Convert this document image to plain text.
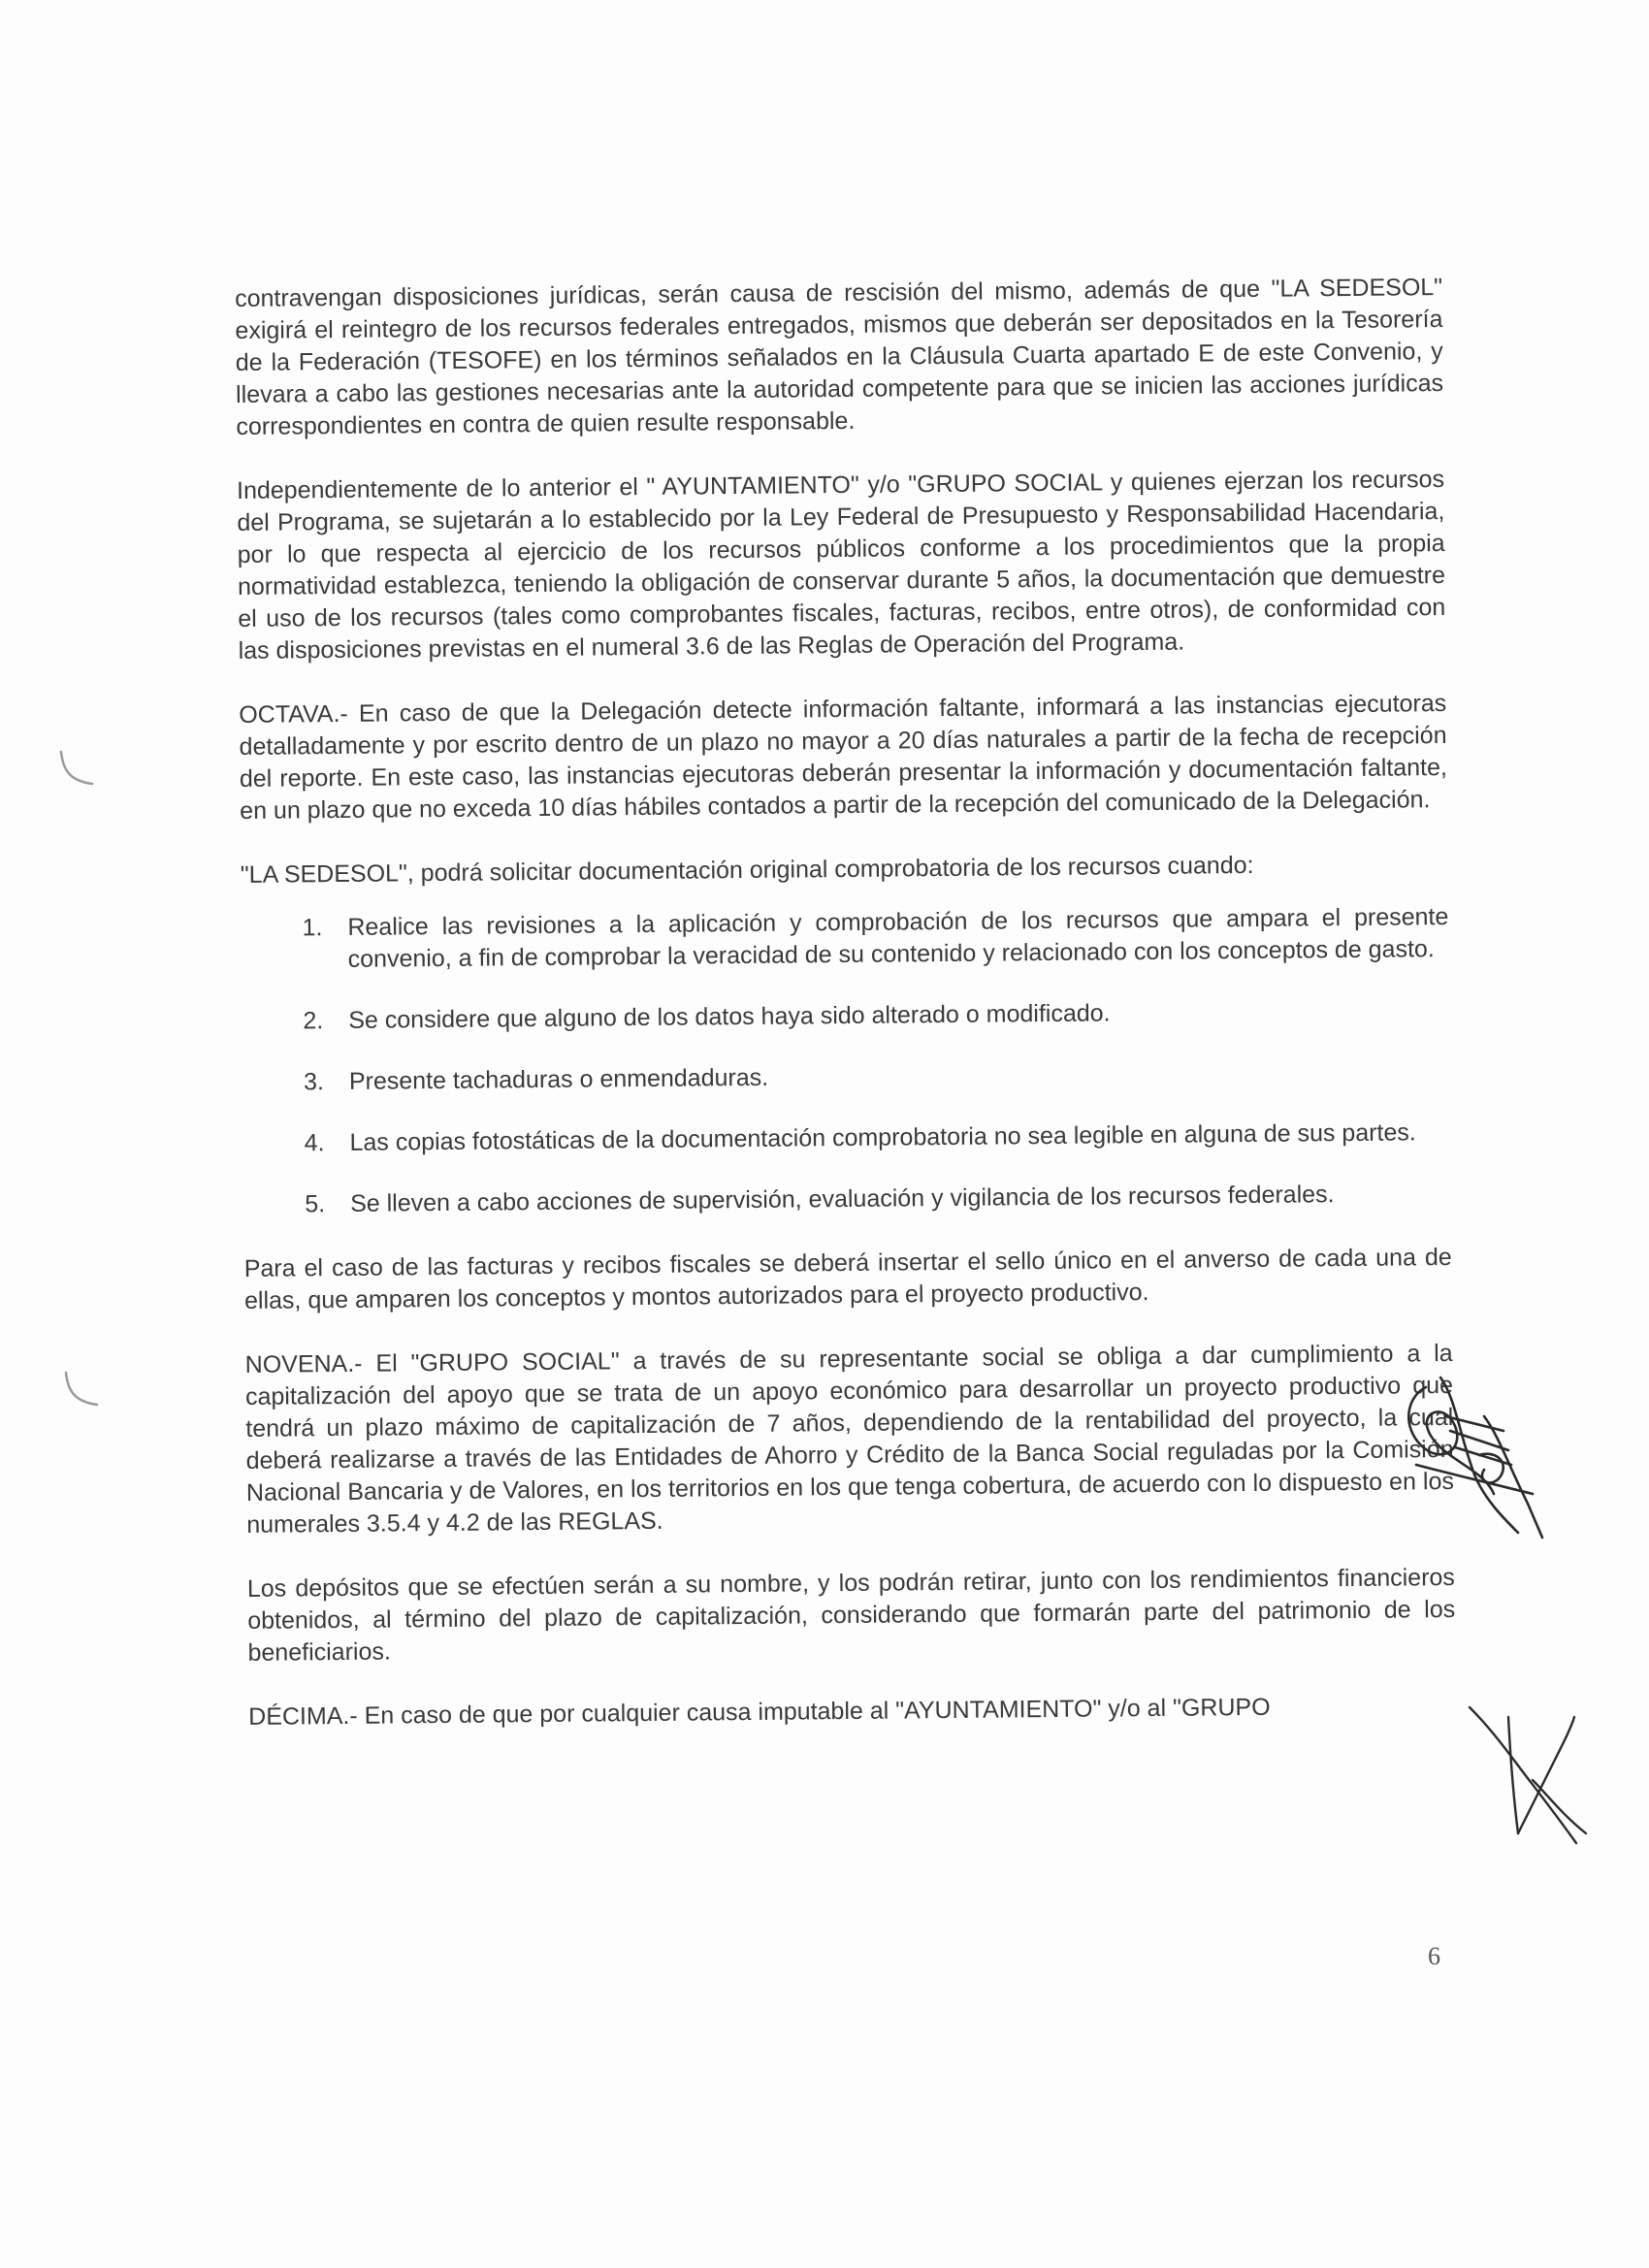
contravengan disposiciones jurídicas, serán causa de rescisión del mismo, además de que "LA SEDESOL" exigirá el reintegro de los recursos federales entregados, mismos que deberán ser depositados en la Tesorería de la Federación (TESOFE) en los términos señalados en la Cláusula Cuarta apartado E de este Convenio, y llevara a cabo las gestiones necesarias ante la autoridad competente para que se inicien las acciones jurídicas correspondientes en contra de quien resulte responsable.

Independientemente de lo anterior el " AYUNTAMIENTO" y/o "GRUPO SOCIAL y quienes ejerzan los recursos del Programa, se sujetarán a lo establecido por la Ley Federal de Presupuesto y Responsabilidad Hacendaria, por lo que respecta al ejercicio de los recursos públicos conforme a los procedimientos que la propia normatividad establezca, teniendo la obligación de conservar durante 5 años, la documentación que demuestre el uso de los recursos (tales como comprobantes fiscales, facturas, recibos, entre otros), de conformidad con las disposiciones previstas en el numeral 3.6 de las Reglas de Operación del Programa.

OCTAVA.- En caso de que la Delegación detecte información faltante, informará a las instancias ejecutoras detalladamente y por escrito dentro de un plazo no mayor a 20 días naturales a partir de la fecha de recepción del reporte. En este caso, las instancias ejecutoras deberán presentar la información y documentación faltante, en un plazo que no exceda 10 días hábiles contados a partir de la recepción del comunicado de la Delegación.

"LA SEDESOL", podrá solicitar documentación original comprobatoria de los recursos cuando:

1.	Realice las revisiones a la aplicación y comprobación de los recursos que ampara el presente convenio, a fin de comprobar la veracidad de su contenido y relacionado con los conceptos de gasto.
2.	Se considere que alguno de los datos haya sido alterado o modificado.
3.	Presente tachaduras o enmendaduras.
4.	Las copias fotostáticas de la documentación comprobatoria no sea legible en alguna de sus partes.
5.	Se lleven a cabo acciones de supervisión, evaluación y vigilancia de los recursos federales.

Para el caso de las facturas y recibos fiscales se deberá insertar el sello único en el anverso de cada una de ellas, que amparen los conceptos y montos autorizados para el proyecto productivo.

NOVENA.- El "GRUPO SOCIAL" a través de su representante social se obliga a dar cumplimiento a la capitalización del apoyo que se trata de un apoyo económico para desarrollar un proyecto productivo que tendrá un plazo máximo de capitalización de 7 años, dependiendo de la rentabilidad del proyecto, la cual deberá realizarse a través de las Entidades de Ahorro y Crédito de la Banca Social reguladas por la Comisión Nacional Bancaria y de Valores, en los territorios en los que tenga cobertura, de acuerdo con lo dispuesto en los numerales 3.5.4 y 4.2 de las REGLAS.

Los depósitos que se efectúen serán a su nombre, y los podrán retirar, junto con los rendimientos financieros obtenidos, al término del plazo de capitalización, considerando que formarán parte del patrimonio de los beneficiarios.

DÉCIMA.- En caso de que por cualquier causa imputable al "AYUNTAMIENTO" y/o al "GRUPO

6
